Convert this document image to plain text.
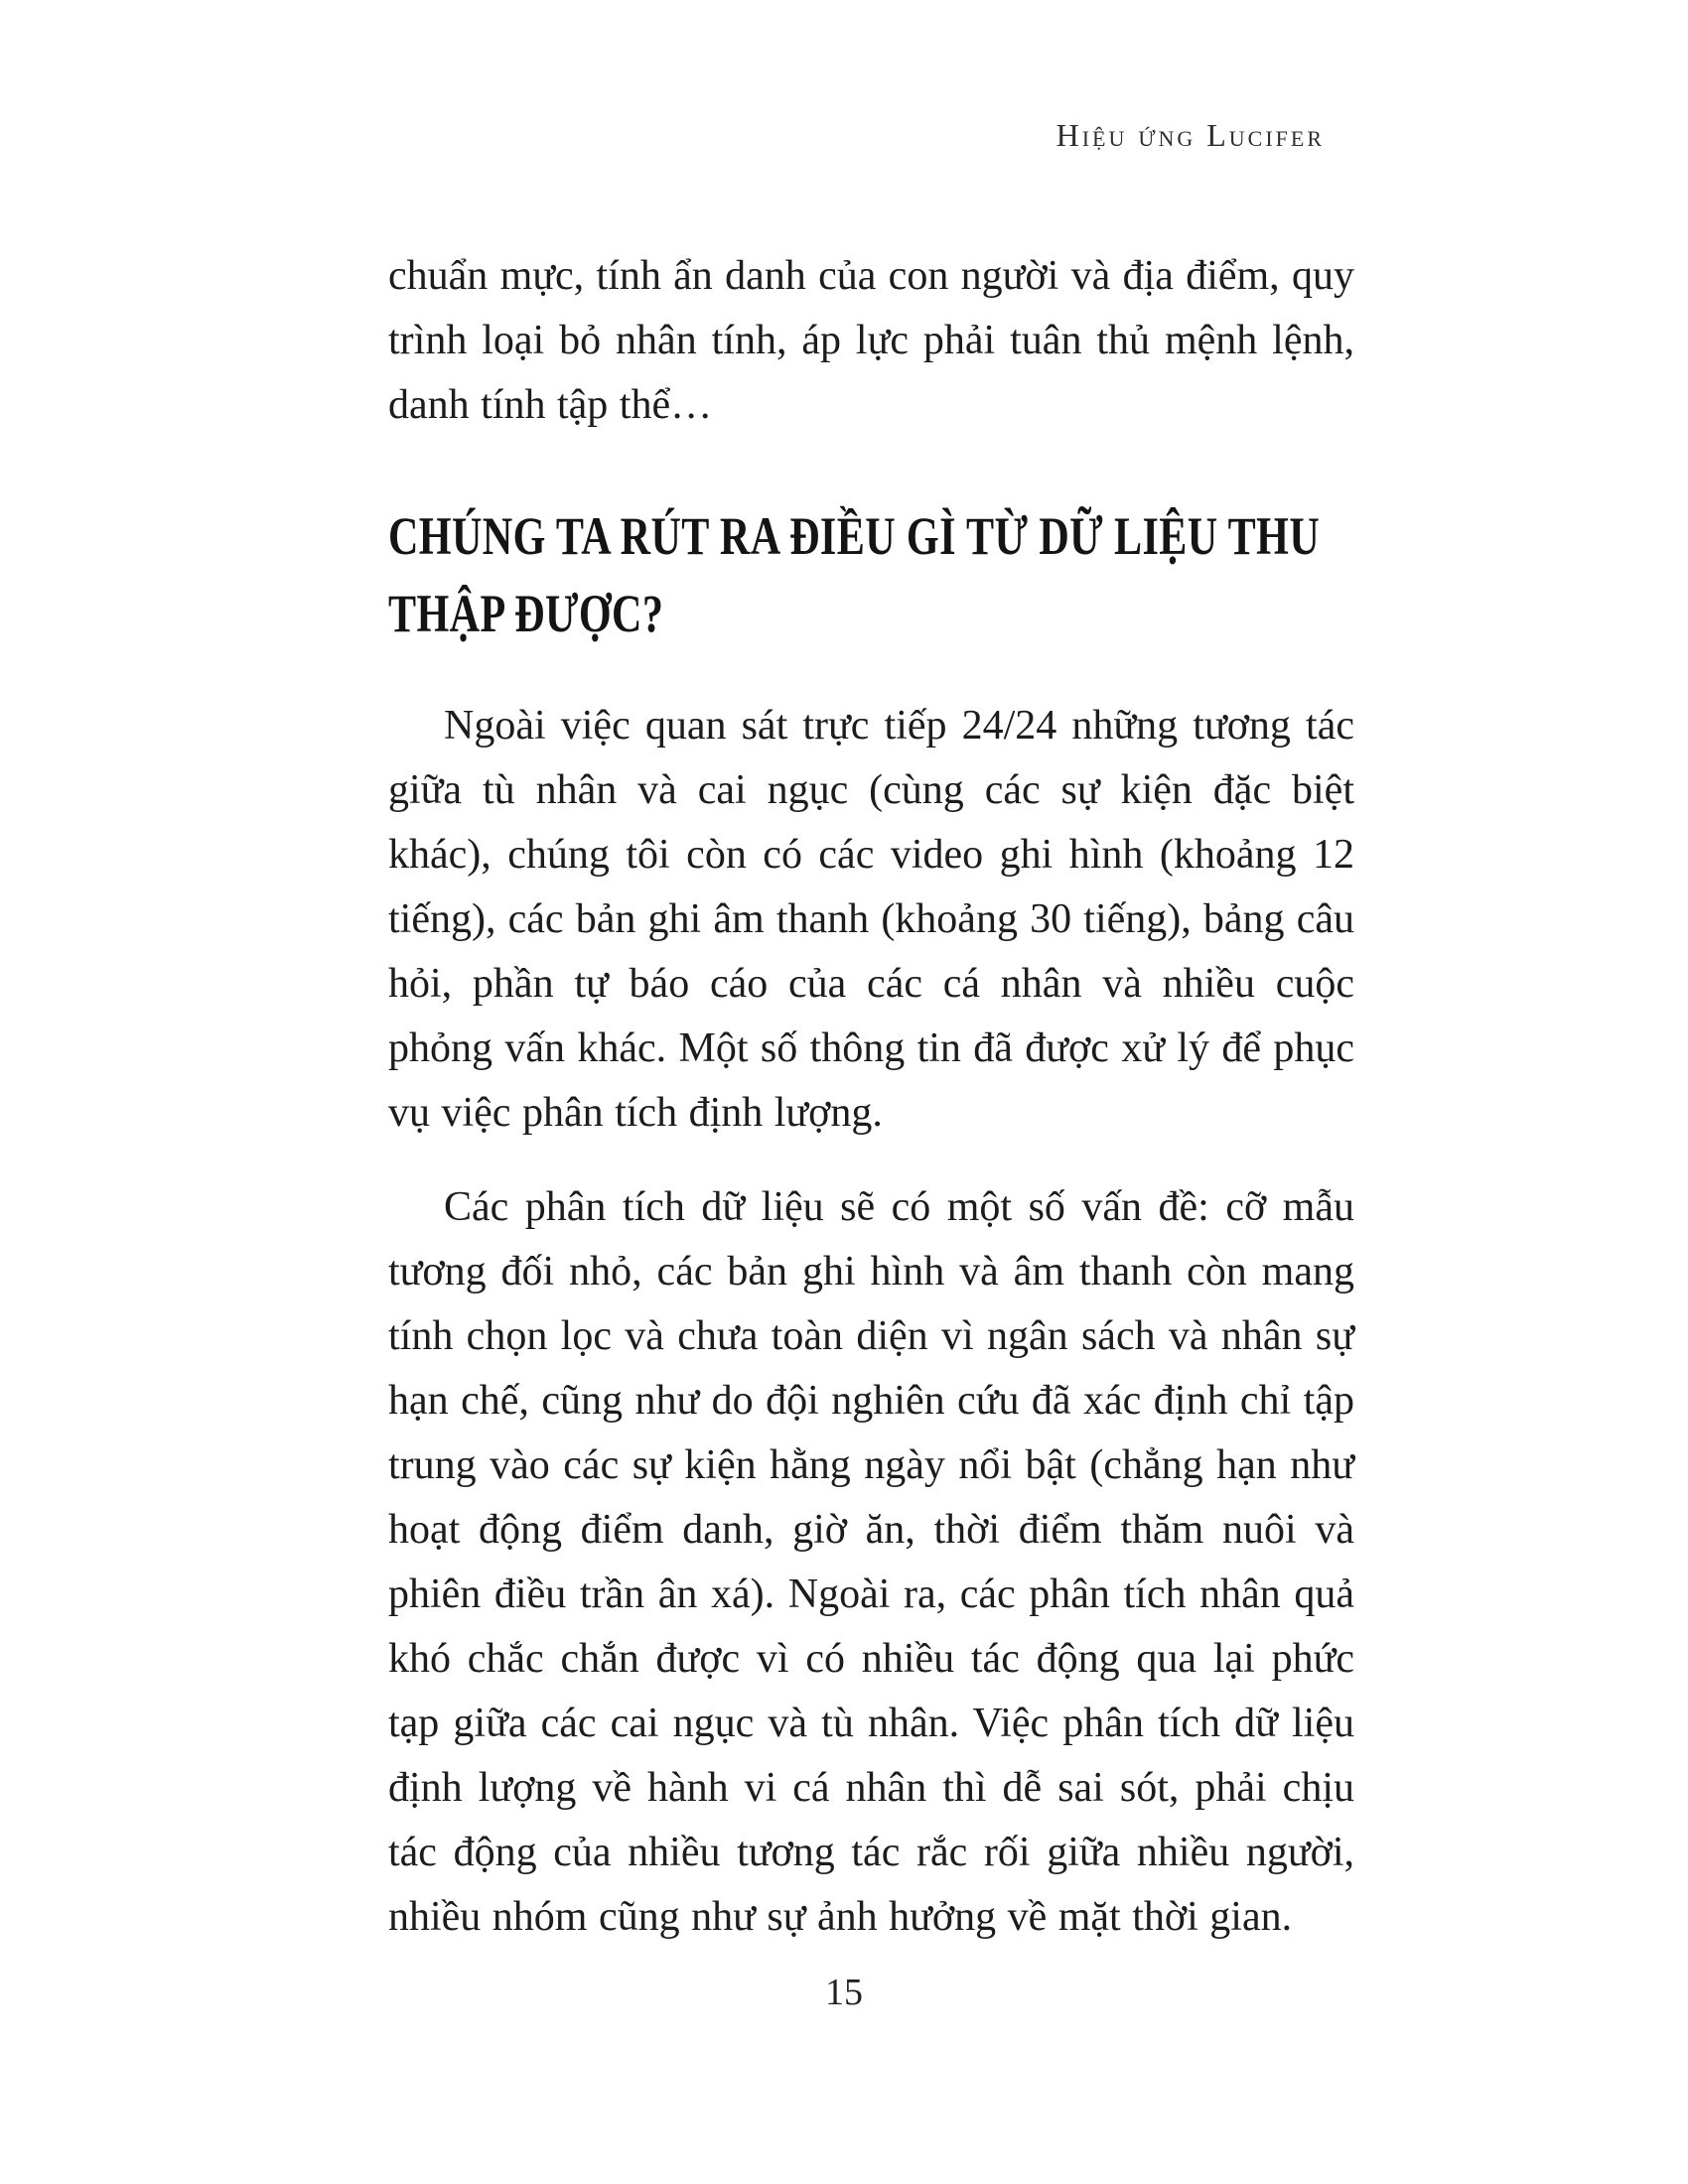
Hiệu ứng Lucifer

chuẩn mực, tính ẩn danh của con người và địa điểm, quy trình loại bỏ nhân tính, áp lực phải tuân thủ mệnh lệnh, danh tính tập thể…

CHÚNG TA RÚT RA ĐIỀU GÌ TỪ DỮ LIỆU THU
THẬP ĐƯỢC?

Ngoài việc quan sát trực tiếp 24/24 những tương tác giữa tù nhân và cai ngục (cùng các sự kiện đặc biệt khác), chúng tôi còn có các video ghi hình (khoảng 12 tiếng), các bản ghi âm thanh (khoảng 30 tiếng), bảng câu hỏi, phần tự báo cáo của các cá nhân và nhiều cuộc phỏng vấn khác. Một số thông tin đã được xử lý để phục vụ việc phân tích định lượng.

Các phân tích dữ liệu sẽ có một số vấn đề: cỡ mẫu tương đối nhỏ, các bản ghi hình và âm thanh còn mang tính chọn lọc và chưa toàn diện vì ngân sách và nhân sự hạn chế, cũng như do đội nghiên cứu đã xác định chỉ tập trung vào các sự kiện hằng ngày nổi bật (chẳng hạn như hoạt động điểm danh, giờ ăn, thời điểm thăm nuôi và phiên điều trần ân xá). Ngoài ra, các phân tích nhân quả khó chắc chắn được vì có nhiều tác động qua lại phức tạp giữa các cai ngục và tù nhân. Việc phân tích dữ liệu định lượng về hành vi cá nhân thì dễ sai sót, phải chịu tác động của nhiều tương tác rắc rối giữa nhiều người, nhiều nhóm cũng như sự ảnh hưởng về mặt thời gian.

15
